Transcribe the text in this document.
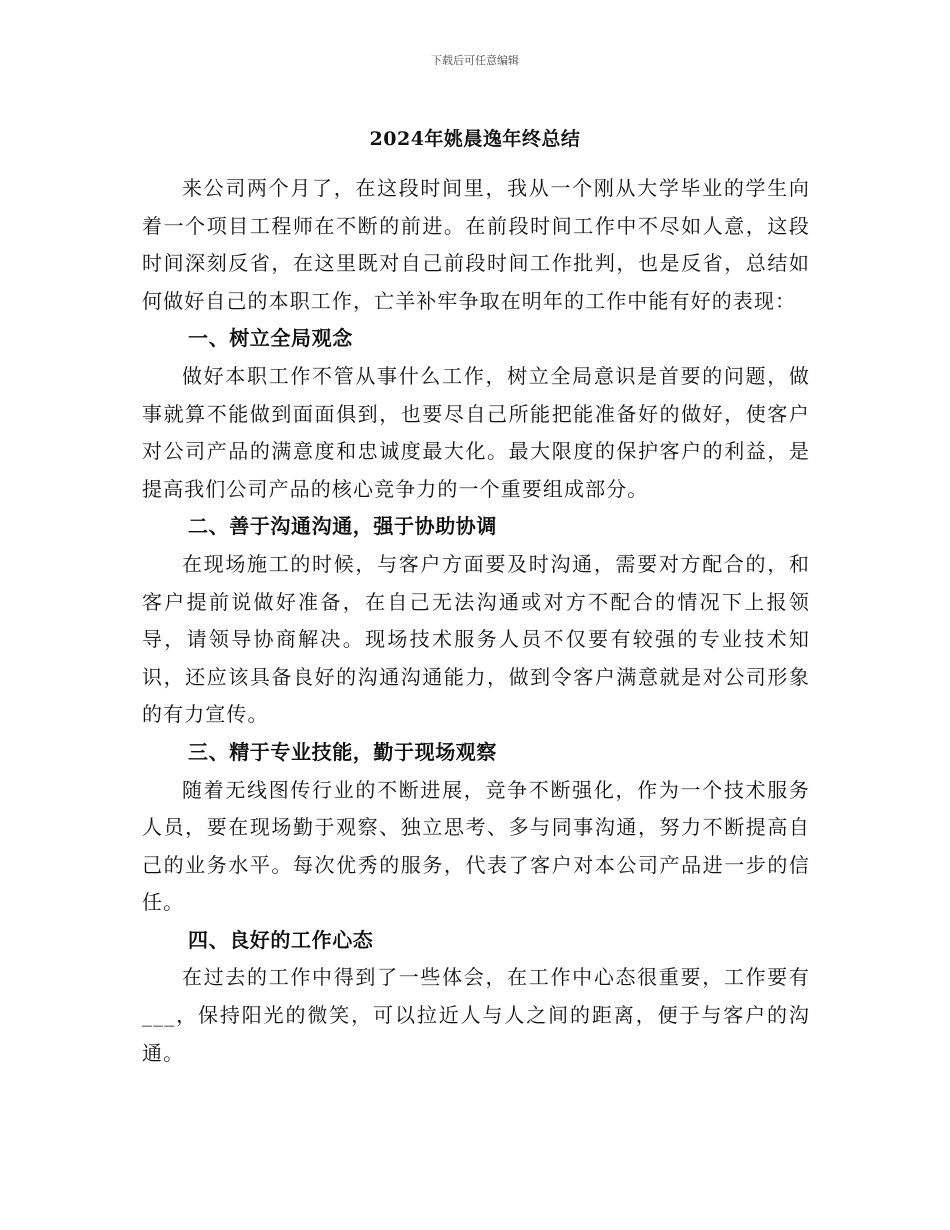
下载后可任意编辑
2024年姚晨逸年终总结

来公司两个月了，在这段时间里，我从一个刚从大学毕业的学生向着一个项目工程师在不断的前进。在前段时间工作中不尽如人意，这段时间深刻反省，在这里既对自己前段时间工作批判，也是反省，总结如何做好自己的本职工作，亡羊补牢争取在明年的工作中能有好的表现：

一、树立全局观念

做好本职工作不管从事什么工作，树立全局意识是首要的问题，做事就算不能做到面面俱到，也要尽自己所能把能准备好的做好，使客户对公司产品的满意度和忠诚度最大化。最大限度的保护客户的利益，是提高我们公司产品的核心竞争力的一个重要组成部分。

二、善于沟通沟通，强于协助协调

在现场施工的时候，与客户方面要及时沟通，需要对方配合的，和客户提前说做好准备，在自己无法沟通或对方不配合的情况下上报领导，请领导协商解决。现场技术服务人员不仅要有较强的专业技术知识，还应该具备良好的沟通沟通能力，做到令客户满意就是对公司形象的有力宣传。

三、精于专业技能，勤于现场观察

随着无线图传行业的不断进展，竞争不断强化，作为一个技术服务人员，要在现场勤于观察、独立思考、多与同事沟通，努力不断提高自己的业务水平。每次优秀的服务，代表了客户对本公司产品进一步的信任。

四、良好的工作心态

在过去的工作中得到了一些体会，在工作中心态很重要，工作要有___，保持阳光的微笑，可以拉近人与人之间的距离，便于与客户的沟通。
